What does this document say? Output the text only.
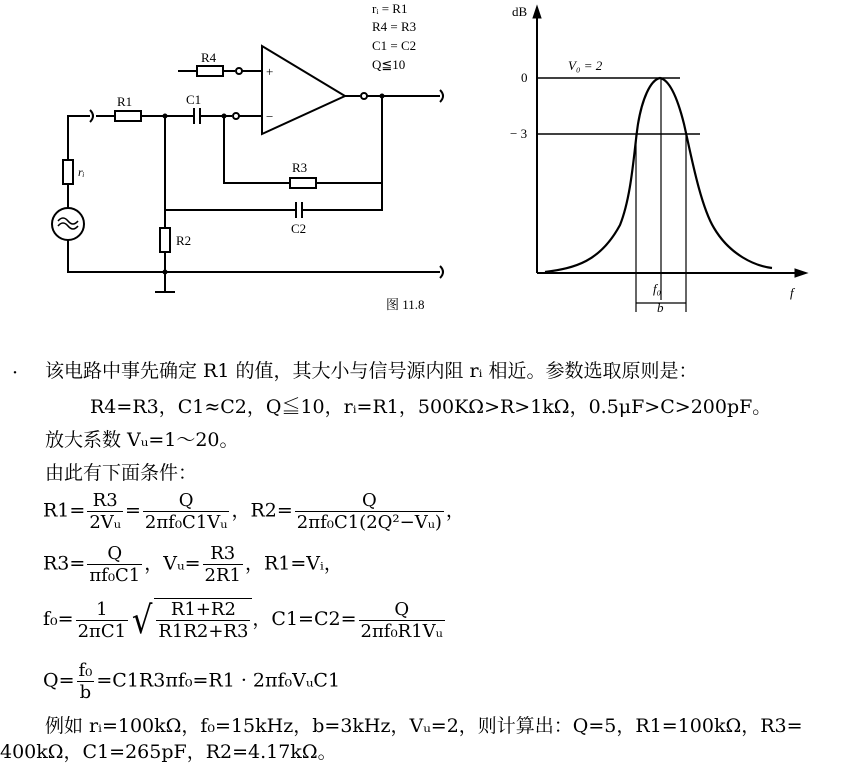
rᵢ = R1
R4 = R3
C1 = C2
Q≦10
R4
R1	C1
+
−
R3
C2
R2
rᵢ
图 11.8
dB
0
− 3
V₀ = 2
f₀
b
f
· 该电路中事先确定 R1 的值，其大小与信号源内阻 rᵢ 相近。参数选取原则是：
R4=R3，C1≈C2，Q≦10，rᵢ=R1，500KΩ>R>1kΩ，0.5μF>C>200pF。
放大系数 Vᵤ=1～20。
由此有下面条件：
$R1= \frac{R3}{\text{2Vᵤ}} = \frac{Q}{\text{2πf₀C1Vᵤ}}$ ，$R2= \frac{Q}{\text{2πf₀C1(2Q²−Vᵤ)}}$ ，
$R3= \frac{Q}{\text{πf₀C1}}$ ，Vᵤ= $\frac{R3}{2R1}$ ，R1=Vᵢ，
$f_0= \frac{1}{2\pi C1}$ √ $\frac{R1+R2}{R1R2+R3}$ ，$C1=C2= \frac{Q}{\text{2πf₀R1Vᵤ}}$
$Q= \frac{\text{f₀}}{b} =C1R3\pi f_0=R1$ · 2πf₀VᵤC1
例如 rᵢ=100kΩ，f₀=15kHz，b=3kHz，Vᵤ=2，则计算出：Q=5，R1=100kΩ，R3=
400kΩ，C1=265pF，R2=4.17kΩ。
